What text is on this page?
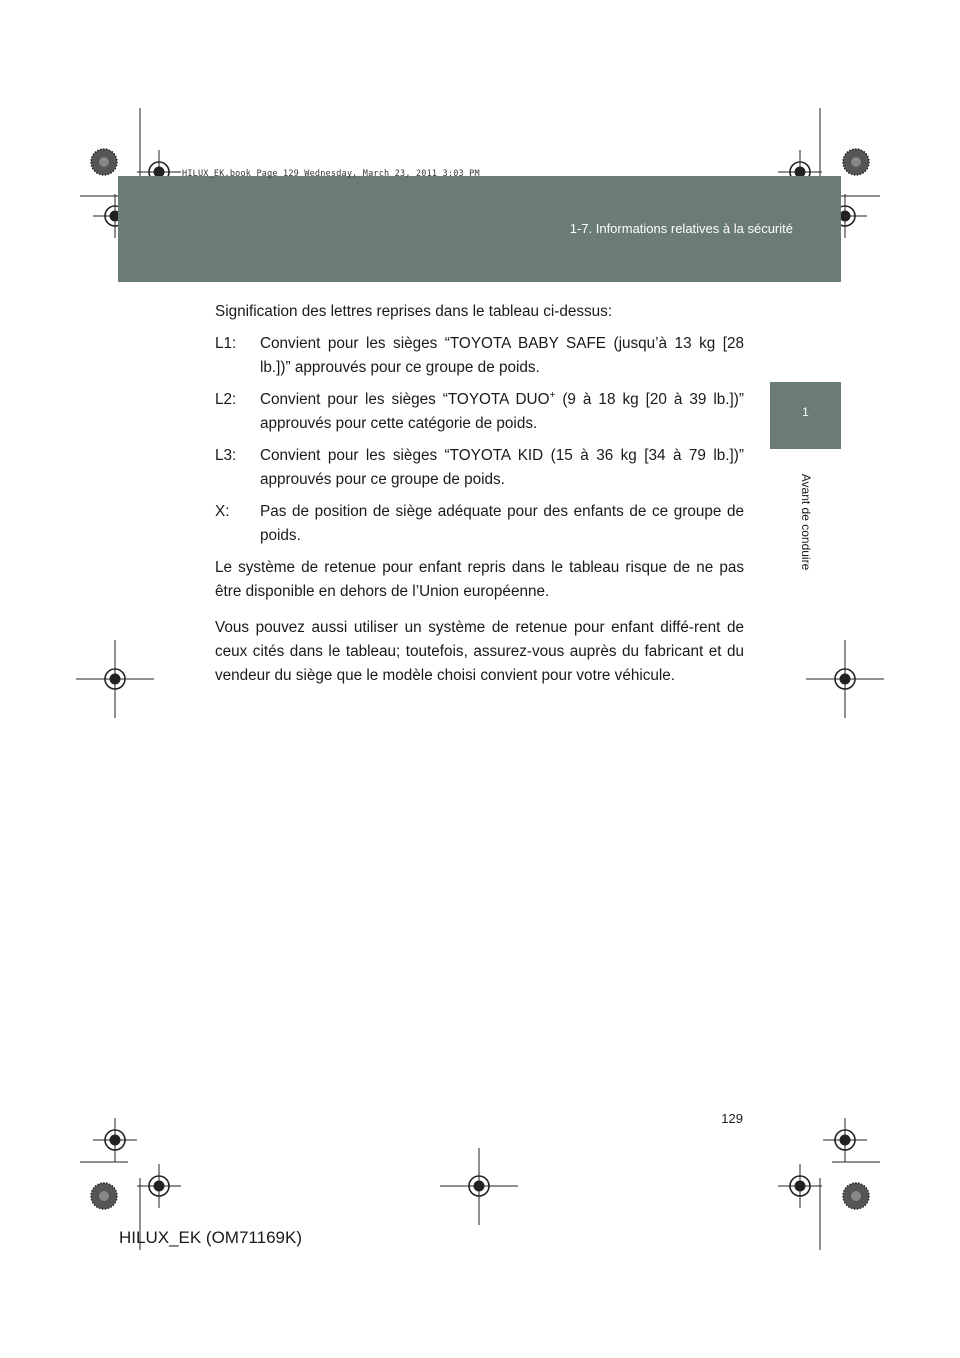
1-7. Informations relatives à la sécurité
HILUX_EK.book Page 129 Wednesday, March 23, 2011 3:03 PM
1
Avant de conduire

Signification des lettres reprises dans le tableau ci-dessus:

L1:	Convient pour les sièges “TOYOTA BABY SAFE (jusqu’à 13 kg [28 lb.])” approuvés pour ce groupe de poids.
L2:	Convient pour les sièges “TOYOTA DUO+ (9 à 18 kg [20 à 39 lb.])” approuvés pour cette catégorie de poids.
L3:	Convient pour les sièges “TOYOTA KID (15 à 36 kg [34 à 79 lb.])” approuvés pour ce groupe de poids.
X:	Pas de position de siège adéquate pour des enfants de ce groupe de poids.

Le système de retenue pour enfant repris dans le tableau risque de ne pas être disponible en dehors de l’Union européenne.

Vous pouvez aussi utiliser un système de retenue pour enfant diffé-rent de ceux cités dans le tableau; toutefois, assurez-vous auprès du fabricant et du vendeur du siège que le modèle choisi convient pour votre véhicule.

129
HILUX_EK (OM71169K)
